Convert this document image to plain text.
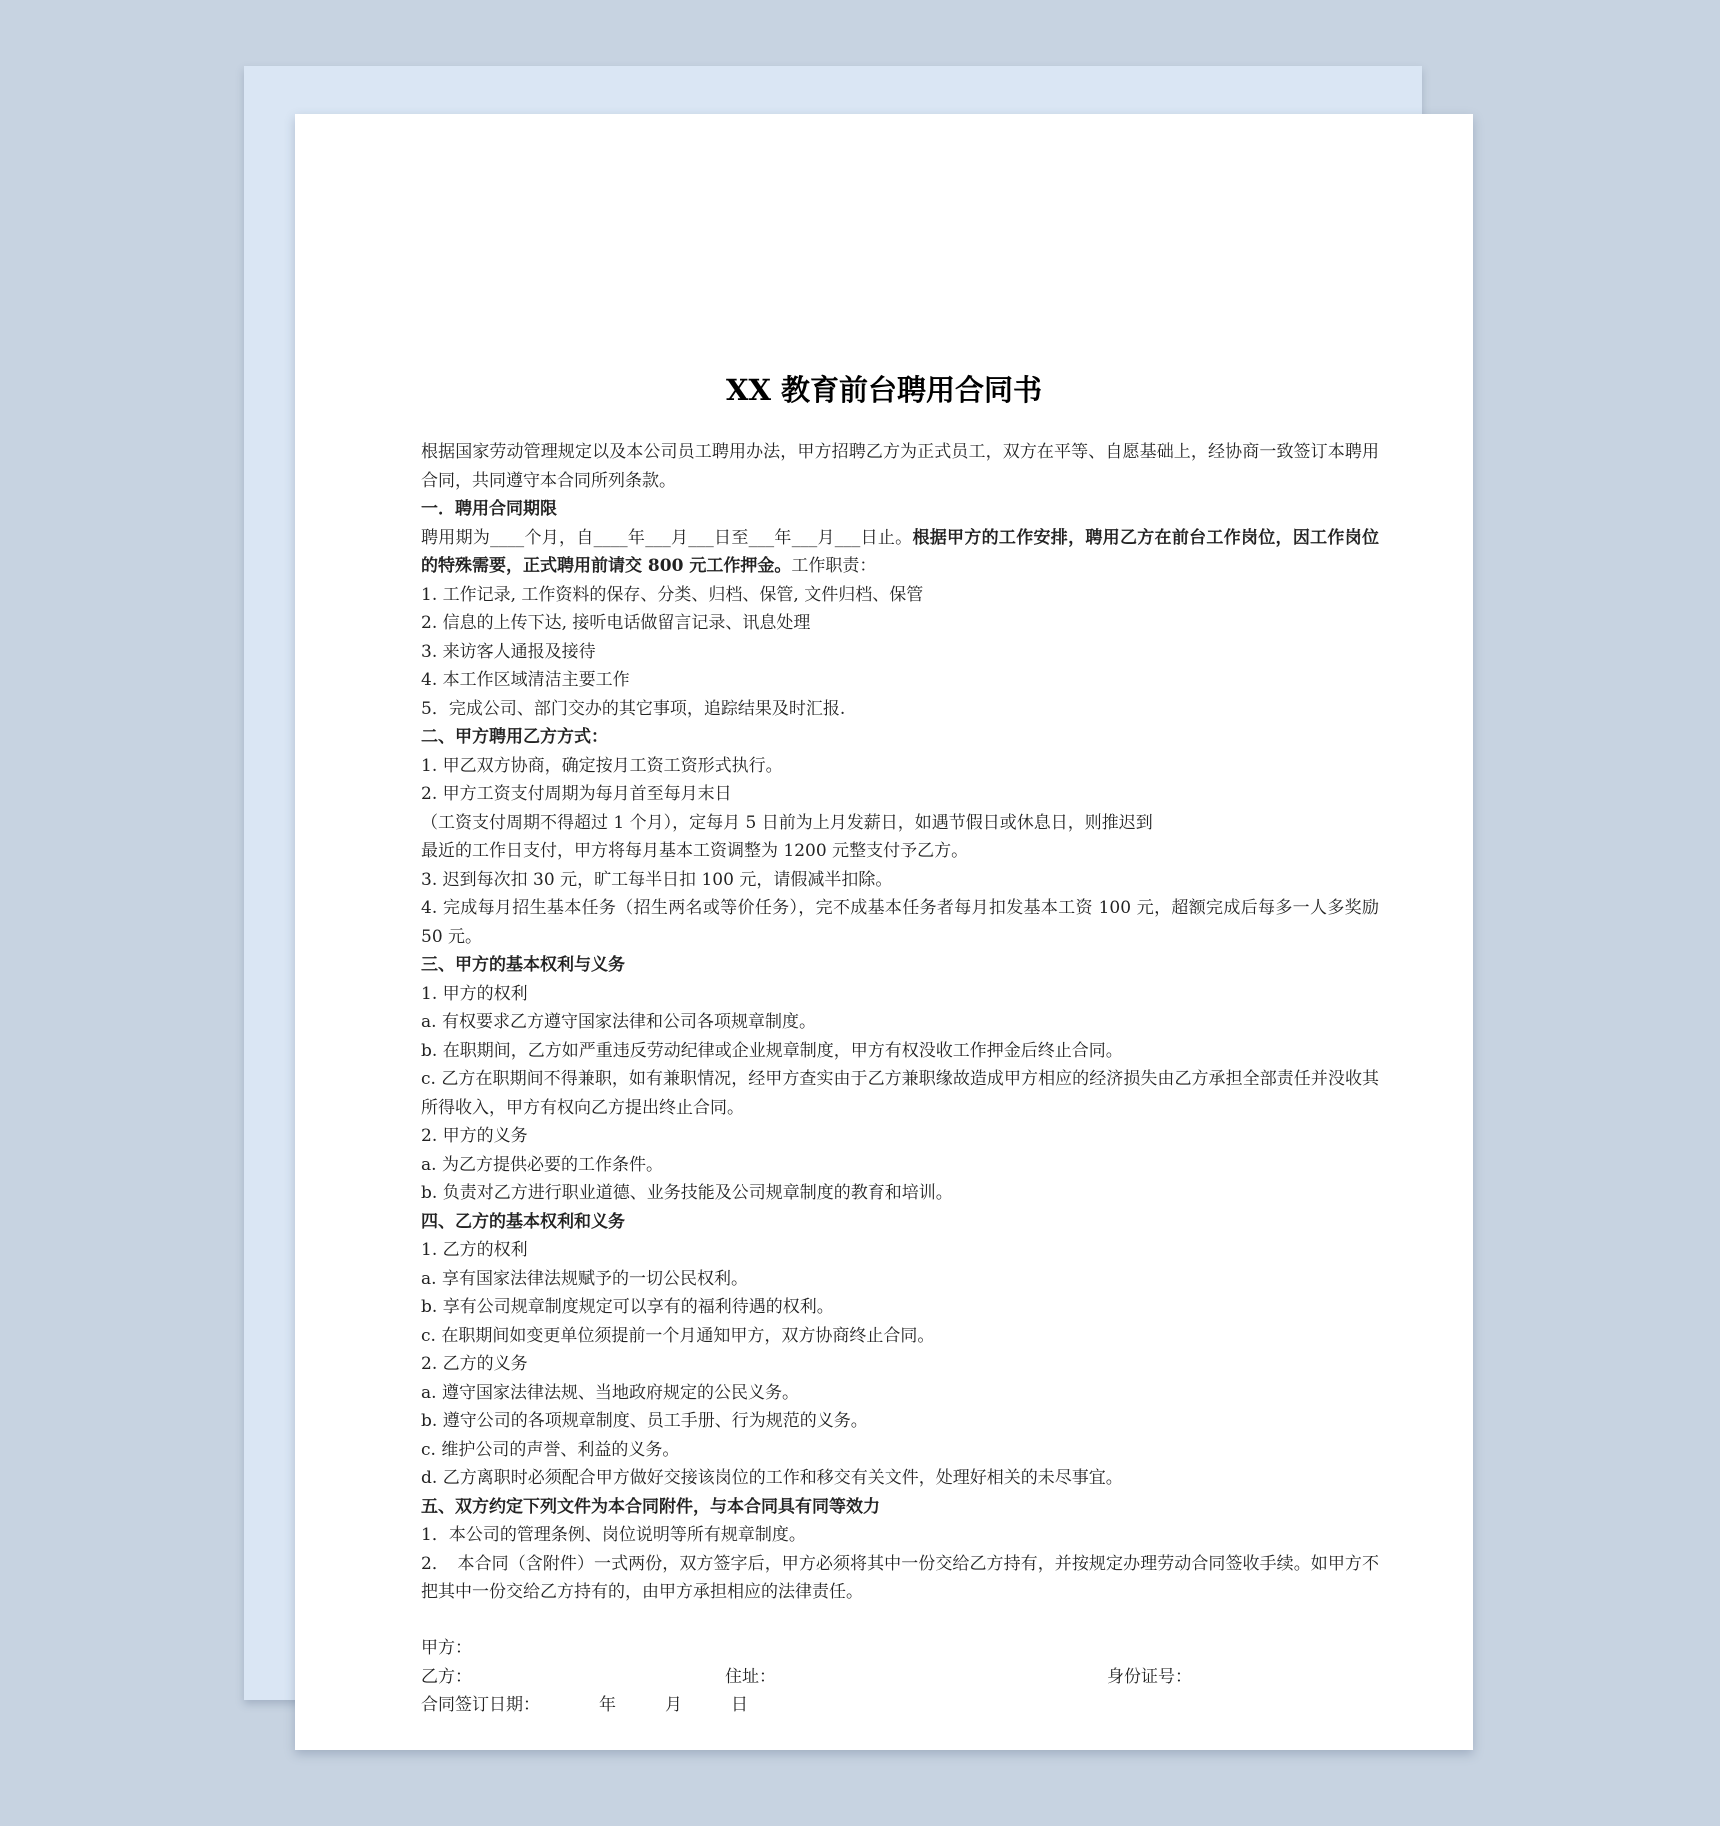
XX 教育前台聘用合同书

根据国家劳动管理规定以及本公司员工聘用办法，甲方招聘乙方为正式员工，双方在平等、自愿基础上，经协商一致签订本聘用合同，共同遵守本合同所列条款。

一．聘用合同期限

聘用期为____个月，自____年___月___日至___年___月___日止。根据甲方的工作安排，聘用乙方在前台工作岗位，因工作岗位的特殊需要，正式聘用前请交 800 元工作押金。工作职责：

1. 工作记录, 工作资料的保存、分类、归档、保管, 文件归档、保管

2. 信息的上传下达, 接听电话做留言记录、讯息处理

3. 来访客人通报及接待

4. 本工作区域清洁主要工作

5．完成公司、部门交办的其它事项，追踪结果及时汇报.

二、甲方聘用乙方方式：

1. 甲乙双方协商，确定按月工资工资形式执行。

2. 甲方工资支付周期为每月首至每月末日

（工资支付周期不得超过 1 个月），定每月 5 日前为上月发薪日，如遇节假日或休息日，则推迟到

最近的工作日支付，甲方将每月基本工资调整为 1200 元整支付予乙方。

3. 迟到每次扣 30 元，旷工每半日扣 100 元，请假减半扣除。

4. 完成每月招生基本任务（招生两名或等价任务），完不成基本任务者每月扣发基本工资 100 元，超额完成后每多一人多奖励 50 元。

三、甲方的基本权利与义务

1. 甲方的权利

a. 有权要求乙方遵守国家法律和公司各项规章制度。

b. 在职期间，乙方如严重违反劳动纪律或企业规章制度，甲方有权没收工作押金后终止合同。

c. 乙方在职期间不得兼职，如有兼职情况，经甲方查实由于乙方兼职缘故造成甲方相应的经济损失由乙方承担全部责任并没收其所得收入，甲方有权向乙方提出终止合同。

2. 甲方的义务

a. 为乙方提供必要的工作条件。

b. 负责对乙方进行职业道德、业务技能及公司规章制度的教育和培训。

四、乙方的基本权利和义务

1. 乙方的权利

a. 享有国家法律法规赋予的一切公民权利。

b. 享有公司规章制度规定可以享有的福利待遇的权利。

c. 在职期间如变更单位须提前一个月通知甲方，双方协商终止合同。

2. 乙方的义务

a. 遵守国家法律法规、当地政府规定的公民义务。

b. 遵守公司的各项规章制度、员工手册、行为规范的义务。

c. 维护公司的声誉、利益的义务。

d. 乙方离职时必须配合甲方做好交接该岗位的工作和移交有关文件，处理好相关的未尽事宜。

五、双方约定下列文件为本合同附件，与本合同具有同等效力

1．本公司的管理条例、岗位说明等所有规章制度。

2．　本合同（含附件）一式两份，双方签字后，甲方必须将其中一份交给乙方持有，并按规定办理劳动合同签收手续。如甲方不把其中一份交给乙方持有的，由甲方承担相应的法律责任。

甲方：
乙方：	住址：	身份证号：
合同签订日期：	年	月	日
